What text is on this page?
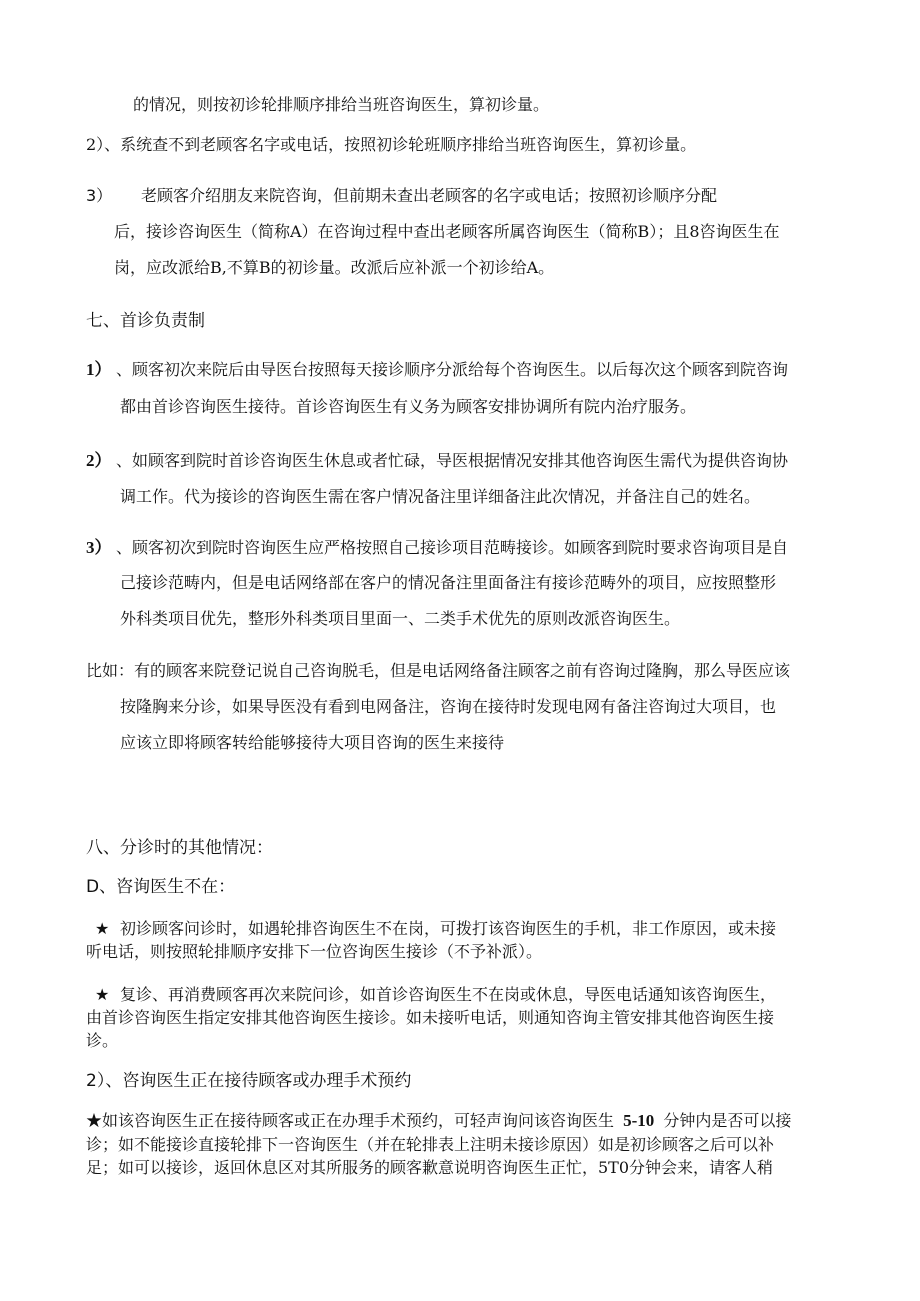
的情况，则按初诊轮排顺序排给当班咨询医生，算初诊量。
2）、系统查不到老顾客名字或电话，按照初诊轮班顺序排给当班咨询医生，算初诊量。
3） 老顾客介绍朋友来院咨询，但前期未查出老顾客的名字或电话；按照初诊顺序分配
后，接诊咨询医生（简称A）在咨询过程中查出老顾客所属咨询医生（简称B）；且8咨询医生在
岗，应改派给B,不算B的初诊量。改派后应补派一个初诊给A。
七、首诊负责制
1） 、顾客初次来院后由导医台按照每天接诊顺序分派给每个咨询医生。以后每次这个顾客到院咨询
都由首诊咨询医生接待。首诊咨询医生有义务为顾客安排协调所有院内治疗服务。
2） 、如顾客到院时首诊咨询医生休息或者忙碌，导医根据情况安排其他咨询医生需代为提供咨询协
调工作。代为接诊的咨询医生需在客户情况备注里详细备注此次情况，并备注自己的姓名。
3） 、顾客初次到院时咨询医生应严格按照自己接诊项目范畴接诊。如顾客到院时要求咨询项目是自
己接诊范畴内，但是电话网络部在客户的情况备注里面备注有接诊范畴外的项目，应按照整形
外科类项目优先，整形外科类项目里面一、二类手术优先的原则改派咨询医生。
比如：有的顾客来院登记说自己咨询脱毛，但是电话网络备注顾客之前有咨询过隆胸，那么导医应该
按隆胸来分诊，如果导医没有看到电网备注，咨询在接待时发现电网有备注咨询过大项目，也
应该立即将顾客转给能够接待大项目咨询的医生来接待
八、分诊时的其他情况：
D、咨询医生不在：
★ 初诊顾客问诊时，如遇轮排咨询医生不在岗，可拨打该咨询医生的手机，非工作原因，或未接
听电话，则按照轮排顺序安排下一位咨询医生接诊（不予补派）。
★ 复诊、再消费顾客再次来院问诊，如首诊咨询医生不在岗或休息，导医电话通知该咨询医生，
由首诊咨询医生指定安排其他咨询医生接诊。如未接听电话，则通知咨询主管安排其他咨询医生接
诊。
2）、咨询医生正在接待顾客或办理手术预约
★如该咨询医生正在接待顾客或正在办理手术预约，可轻声询问该咨询医生 5-10 分钟内是否可以接
诊；如不能接诊直接轮排下一咨询医生（并在轮排表上注明未接诊原因）如是初诊顾客之后可以补
足；如可以接诊，返回休息区对其所服务的顾客歉意说明咨询医生正忙，5T0分钟会来，请客人稍
